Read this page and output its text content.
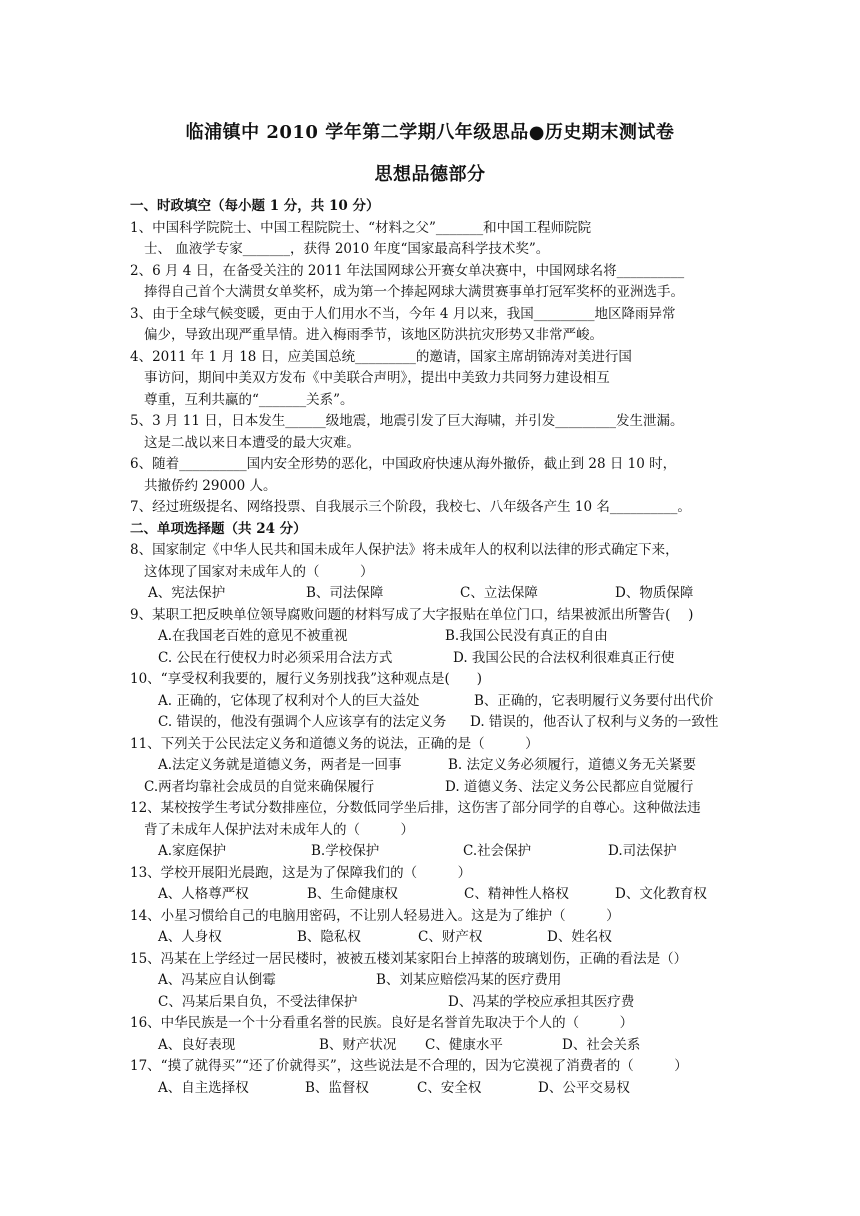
临浦镇中 2010 学年第二学期八年级思品●历史期末测试卷
思想品德部分
一、时政填空（每小题 1 分，共 10 分）
1、中国科学院院士、中国工程院院士、“材料之父”_______和中国工程师院院
士、 血液学专家_______，获得 2010 年度“国家最高科学技术奖”。
2、6 月 4 日，在备受关注的 2011 年法国网球公开赛女单决赛中，中国网球名将__________
捧得自己首个大满贯女单奖杯，成为第一个捧起网球大满贯赛事单打冠军奖杯的亚洲选手。
3、由于全球气候变暖，更由于人们用水不当，今年 4 月以来，我国_________地区降雨异常
偏少，导致出现严重旱情。进入梅雨季节，该地区防洪抗灾形势又非常严峻。
4、2011 年 1 月 18 日，应美国总统_________的邀请，国家主席胡锦涛对美进行国
事访问，期间中美双方发布《中美联合声明》，提出中美致力共同努力建设相互
尊重，互利共赢的“_______关系”。
5、3 月 11 日，日本发生______级地震，地震引发了巨大海啸，并引发_________发生泄漏。
这是二战以来日本遭受的最大灾难。
6、随着__________国内安全形势的恶化，中国政府快速从海外撤侨，截止到 28 日 10 时，
共撤侨约 29000 人。
7、经过班级提名、网络投票、自我展示三个阶段，我校七、八年级各产生 10 名__________。
二、单项选择题（共 24 分）
8、国家制定《中华人民共和国未成年人保护法》将未成年人的权利以法律的形式确定下来，
这体现了国家对未成年人的（　　　）
A、宪法保护	B、司法保障	C、立法保障	D、物质保障
9、某职工把反映单位领导腐败问题的材料写成了大字报贴在单位门口，结果被派出所警告(　 )
A.在我国老百姓的意见不被重视	B.我国公民没有真正的自由
C. 公民在行使权力时必须采用合法方式	D. 我国公民的合法权利很难真正行使
10、“享受权利我要的，履行义务别找我”这种观点是(　　)
A. 正确的，它体现了权利对个人的巨大益处	B、正确的，它表明履行义务要付出代价
C. 错误的，他没有强调个人应该享有的法定义务 D. 错误的，他否认了权利与义务的一致性
11、下列关于公民法定义务和道德义务的说法，正确的是（　　　）
A.法定义务就是道德义务，两者是一回事	B. 法定义务必须履行，道德义务无关紧要
C.两者均靠社会成员的自觉来确保履行	D. 道德义务、法定义务公民都应自觉履行
12、某校按学生考试分数排座位，分数低同学坐后排，这伤害了部分同学的自尊心。这种做法违
背了未成年人保护法对未成年人的（　　　）
A.家庭保护	B.学校保护	C.社会保护	D.司法保护
13、学校开展阳光晨跑，这是为了保障我们的（　　　）
A、人格尊严权	B、生命健康权	C、精神性人格权	D、文化教育权
14、小星习惯给自己的电脑用密码，不让别人轻易进入。这是为了维护（　　　）
A、人身权	B、隐私权	C、财产权	D、姓名权
15、冯某在上学经过一居民楼时，被被五楼刘某家阳台上掉落的玻璃划伤，正确的看法是（）
A、冯某应自认倒霉	B、刘某应赔偿冯某的医疗费用
C、冯某后果自负，不受法律保护	D、冯某的学校应承担其医疗费
16、中华民族是一个十分看重名誉的民族。良好是名誉首先取决于个人的（　　　）
A、良好表现	B、财产状况 C、健康水平	D、社会关系
17、“摸了就得买”“还了价就得买”，这些说法是不合理的，因为它漠视了消费者的（　　　）
A、自主选择权	B、监督权	C、安全权	D、公平交易权
